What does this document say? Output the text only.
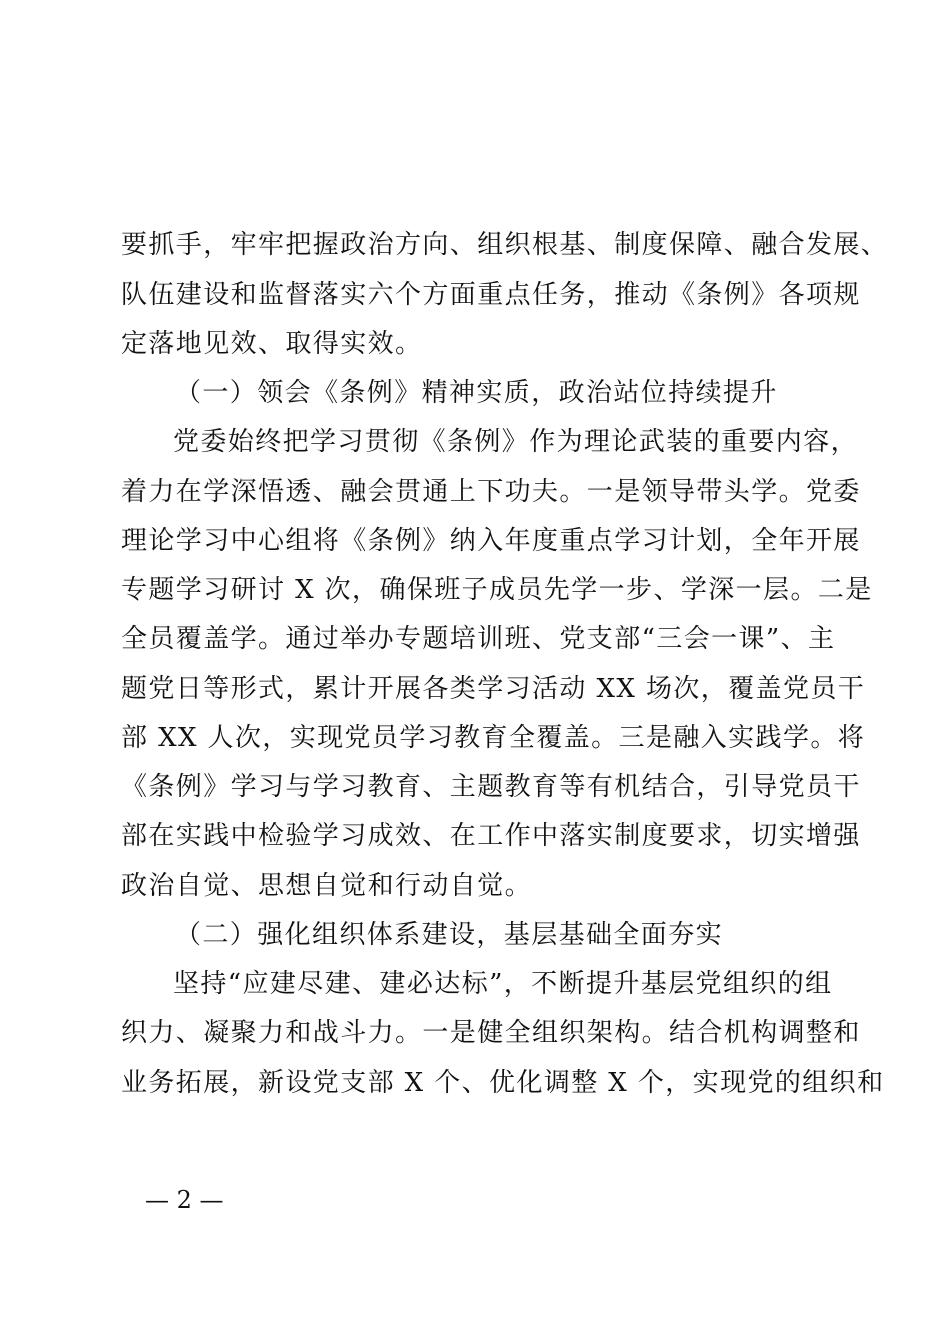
要抓手，牢牢把握政治方向、组织根基、制度保障、融合发展、
队伍建设和监督落实六个方面重点任务，推动《条例》各项规
定落地见效、取得实效。
（一）领会《条例》精神实质，政治站位持续提升
党委始终把学习贯彻《条例》作为理论武装的重要内容，
着力在学深悟透、融会贯通上下功夫。一是领导带头学。党委
理论学习中心组将《条例》纳入年度重点学习计划，全年开展
专题学习研讨 X 次，确保班子成员先学一步、学深一层。二是
全员覆盖学。通过举办专题培训班、党支部“三会一课”、主
题党日等形式，累计开展各类学习活动 XX 场次，覆盖党员干
部 XX 人次，实现党员学习教育全覆盖。三是融入实践学。将
《条例》学习与学习教育、主题教育等有机结合，引导党员干
部在实践中检验学习成效、在工作中落实制度要求，切实增强
政治自觉、思想自觉和行动自觉。
（二）强化组织体系建设，基层基础全面夯实
坚持“应建尽建、建必达标”，不断提升基层党组织的组
织力、凝聚力和战斗力。一是健全组织架构。结合机构调整和
业务拓展，新设党支部 X 个、优化调整 X 个，实现党的组织和
— 2 —
